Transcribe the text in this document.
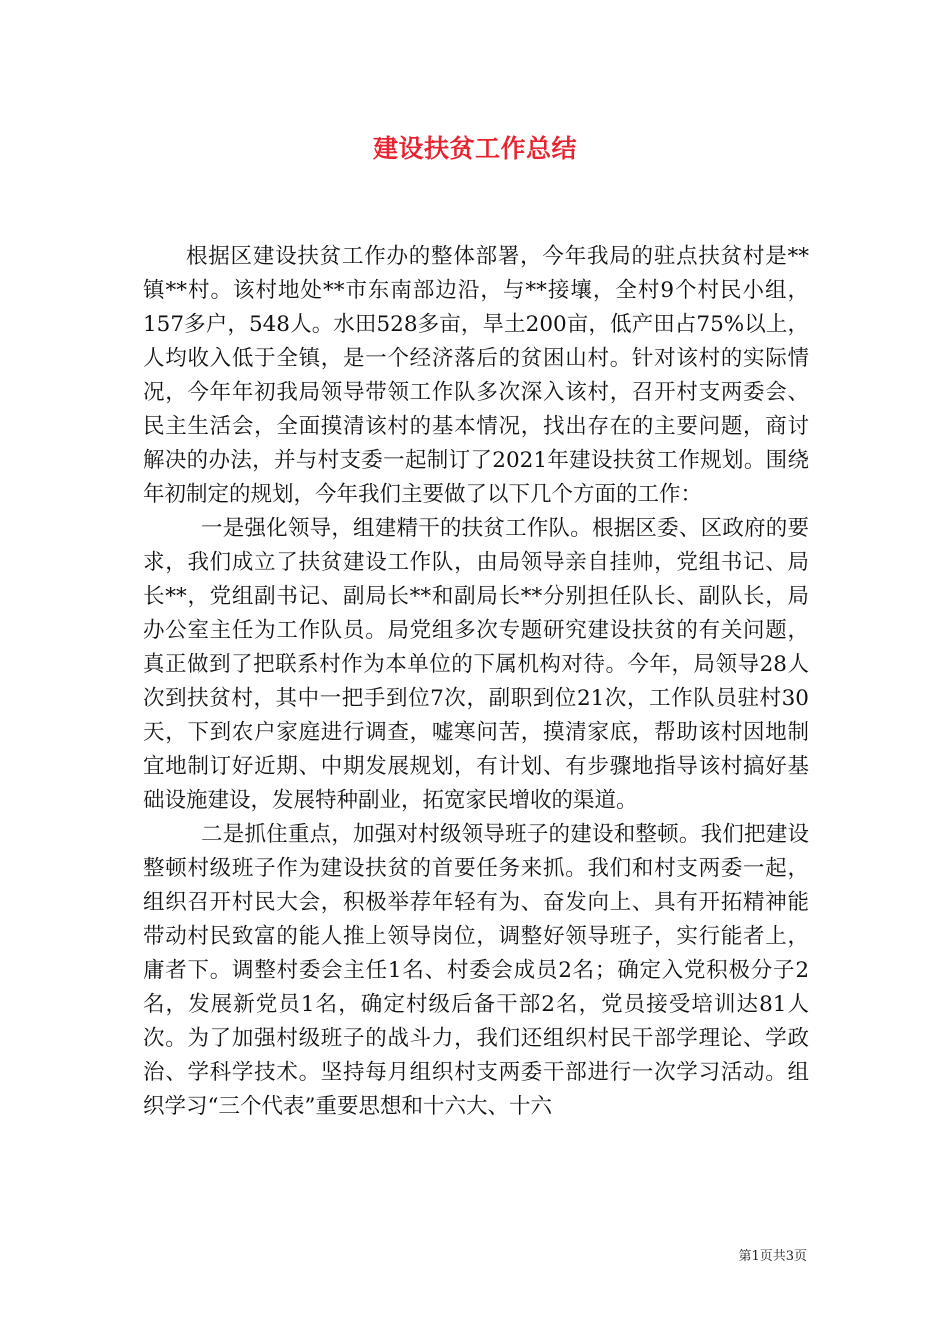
建设扶贫工作总结

根据区建设扶贫工作办的整体部署，今年我局的驻点扶贫村是**镇**村。该村地处**市东南部边沿，与**接壤，全村9个村民小组，157多户，548人。水田528多亩，旱土200亩，低产田占75%以上，人均收入低于全镇，是一个经济落后的贫困山村。针对该村的实际情况，今年年初我局领导带领工作队多次深入该村，召开村支两委会、民主生活会，全面摸清该村的基本情况，找出存在的主要问题，商讨解决的办法，并与村支委一起制订了2021年建设扶贫工作规划。围绕年初制定的规划，今年我们主要做了以下几个方面的工作：

一是强化领导，组建精干的扶贫工作队。根据区委、区政府的要求，我们成立了扶贫建设工作队，由局领导亲自挂帅，党组书记、局长**，党组副书记、副局长**和副局长**分别担任队长、副队长，局办公室主任为工作队员。局党组多次专题研究建设扶贫的有关问题，真正做到了把联系村作为本单位的下属机构对待。今年，局领导28人次到扶贫村，其中一把手到位7次，副职到位21次，工作队员驻村30天，下到农户家庭进行调查，嘘寒问苦，摸清家底，帮助该村因地制宜地制订好近期、中期发展规划，有计划、有步骤地指导该村搞好基础设施建设，发展特种副业，拓宽家民增收的渠道。

二是抓住重点，加强对村级领导班子的建设和整顿。我们把建设整顿村级班子作为建设扶贫的首要任务来抓。我们和村支两委一起，组织召开村民大会，积极举荐年轻有为、奋发向上、具有开拓精神能带动村民致富的能人推上领导岗位，调整好领导班子，实行能者上，庸者下。调整村委会主任1名、村委会成员2名；确定入党积极分子2名，发展新党员1名，确定村级后备干部2名，党员接受培训达81人次。为了加强村级班子的战斗力，我们还组织村民干部学理论、学政治、学科学技术。坚持每月组织村支两委干部进行一次学习活动。组织学习“三个代表”重要思想和十六大、十六

第1页共3页
